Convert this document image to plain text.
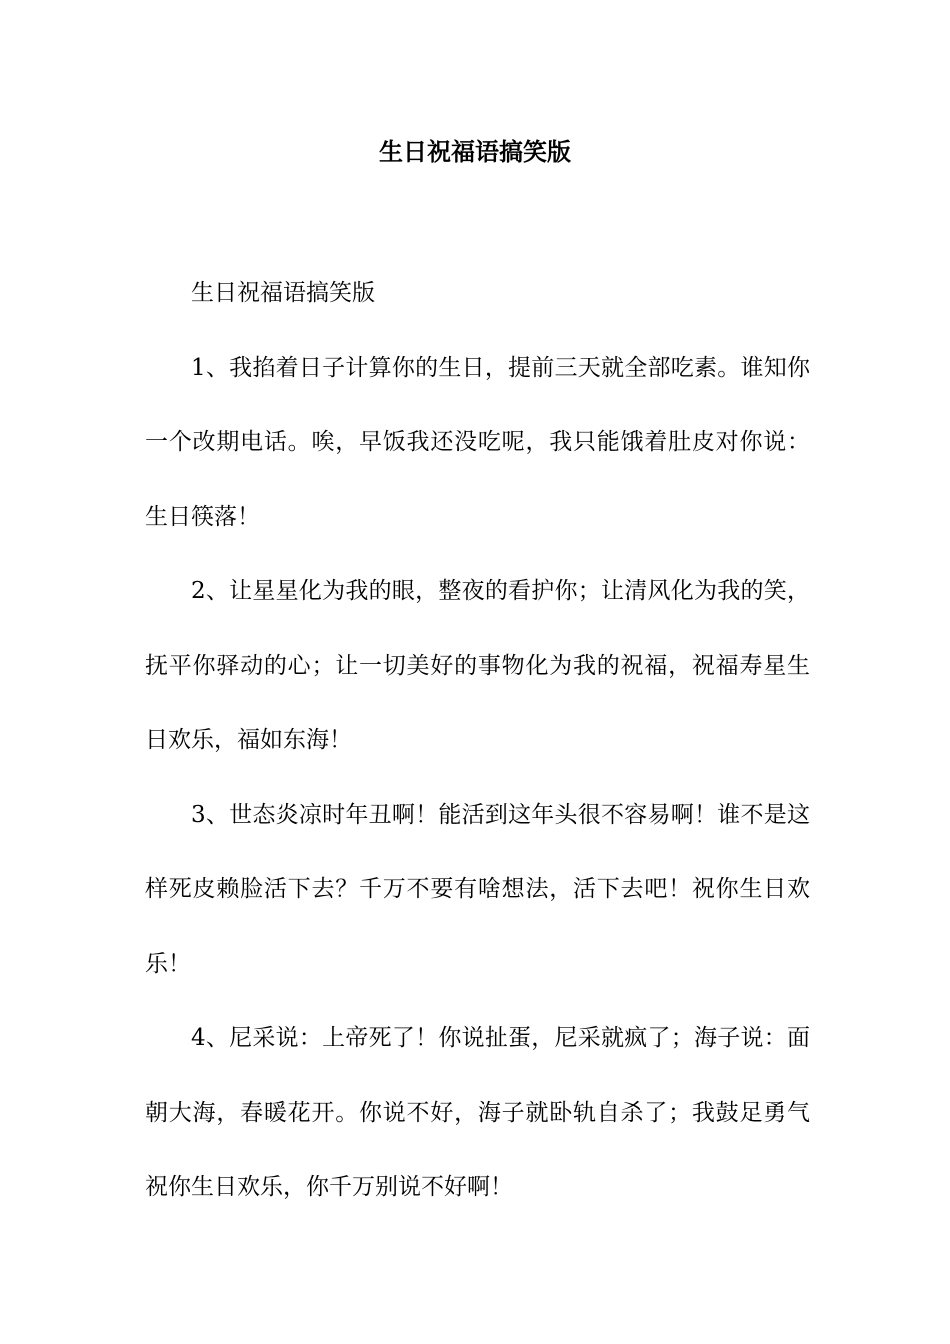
生日祝福语搞笑版

生日祝福语搞笑版

1、我掐着日子计算你的生日，提前三天就全部吃素。谁知你一个改期电话。唉，早饭我还没吃呢，我只能饿着肚皮对你说：生日筷落！

2、让星星化为我的眼，整夜的看护你；让清风化为我的笑，抚平你驿动的心；让一切美好的事物化为我的祝福，祝福寿星生日欢乐，福如东海！

3、世态炎凉时年丑啊！能活到这年头很不容易啊！谁不是这样死皮赖脸活下去？千万不要有啥想法，活下去吧！祝你生日欢乐！

4、尼采说：上帝死了！你说扯蛋，尼采就疯了；海子说：面朝大海，春暖花开。你说不好，海子就卧轨自杀了；我鼓足勇气祝你生日欢乐，你千万别说不好啊！
